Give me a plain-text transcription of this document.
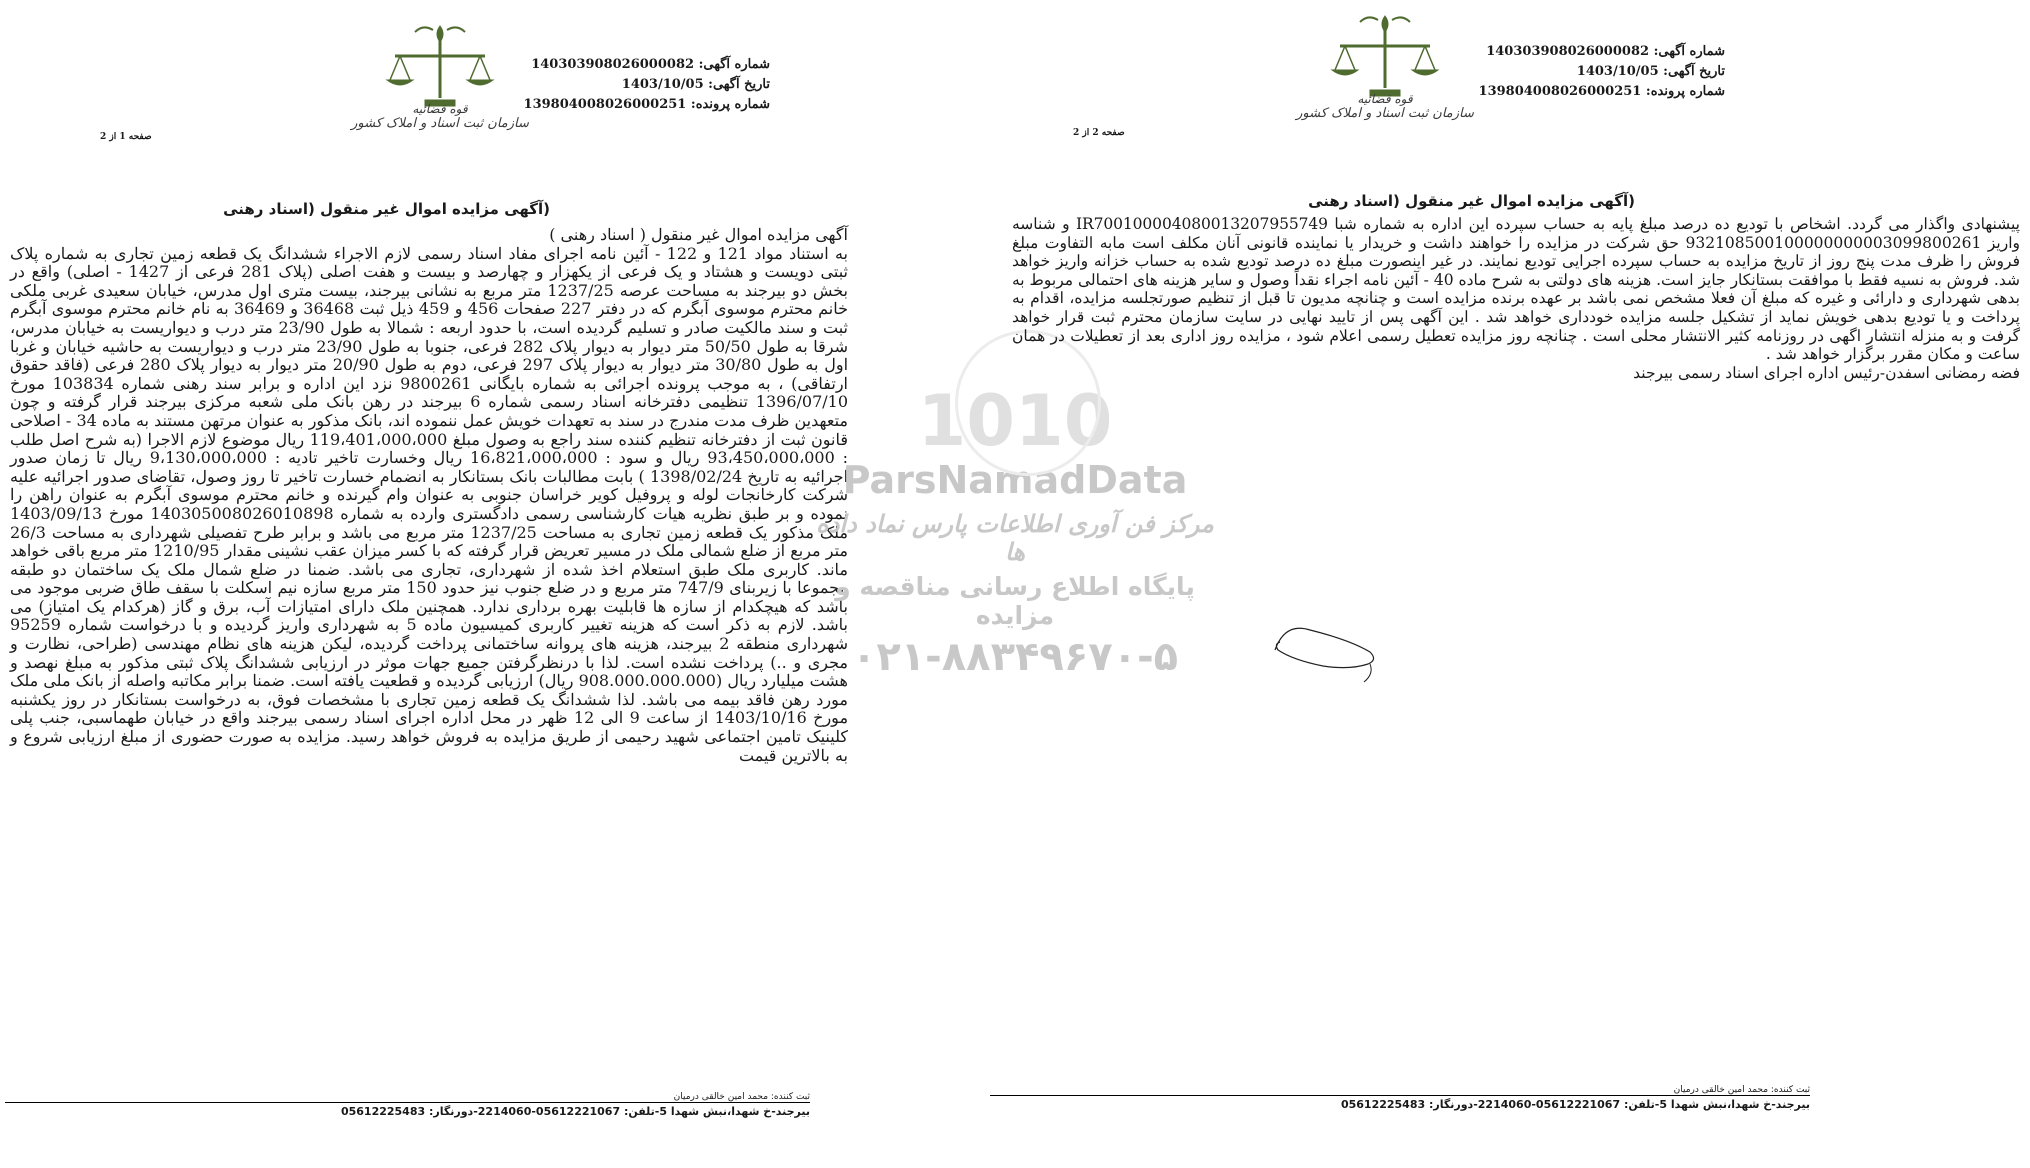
شماره آگهی: 140303908026000082
تاریخ آگهی: 1403/10/05
شماره پرونده: 139804008026000251
قوه قضائیه
سازمان ثبت اسناد و املاک کشور
صفحه 1 از 2
(آگهی مزایده اموال غیر منقول (اسناد رهنی

آگهی مزایده اموال غیر منقول ( اسناد رهنی )

به استناد مواد 121 و 122 - آئین نامه اجرای مفاد اسناد رسمی لازم الاجراء ششدانگ یک قطعه زمین تجاری به شماره پلاک ثبتی دویست و هشتاد و یک فرعی از یکهزار و چهارصد و بیست و هفت اصلی (پلاک 281 فرعی از 1427 - اصلی) واقع در بخش دو بیرجند به مساحت عرصه 1237/25 متر مربع به نشانی بیرجند، بیست متری اول مدرس، خیابان سعیدی غربی ملکی خانم محترم موسوی آبگرم که در دفتر 227 صفحات 456 و 459 ذیل ثبت 36468 و 36469 به نام خانم محترم موسوی آبگرم ثبت و سند مالکیت صادر و تسلیم گردیده است، با حدود اربعه : شمالا به طول 23/90 متر درب و دیواریست به خیابان مدرس، شرقا به طول 50/50 متر دیوار به دیوار پلاک 282 فرعی، جنوبا به طول 23/90 متر درب و دیواریست به حاشیه خیابان و غربا اول به طول 30/80 متر دیوار به دیوار پلاک 297 فرعی، دوم به طول 20/90 متر دیوار به دیوار پلاک 280 فرعی (فاقد حقوق ارتفاقی) ، به موجب پرونده اجرائی به شماره بایگانی 9800261 نزد این اداره و برابر سند رهنی شماره 103834 مورخ 1396/07/10 تنظیمی دفترخانه اسناد رسمی شماره 6 بیرجند در رهن بانک ملی شعبه مرکزی بیرجند قرار گرفته و چون متعهدین ظرف مدت مندرج در سند به تعهدات خویش عمل ننموده اند، بانک مذکور به عنوان مرتهن مستند به ماده 34 - اصلاحی قانون ثبت از دفترخانه تنظیم کننده سند راجع به وصول مبلغ 119،401،000،000 ریال موضوع لازم الاجرا (به شرح اصل طلب : 93،450،000،000 ریال و سود : 16،821،000،000 ریال وخسارت تاخیر تادیه : 9،130،000،000 ریال تا زمان صدور اجرائیه به تاریخ 1398/02/24 ) بابت مطالبات بانک بستانکار به انضمام خسارت تاخیر تا روز وصول، تقاضای صدور اجرائیه علیه شرکت کارخانجات لوله و پروفیل کویر خراسان جنوبی به عنوان وام گیرنده و خانم محترم موسوی آبگرم به عنوان راهن را نموده و بر طبق نظریه هیات کارشناسی رسمی دادگستری وارده به شماره 140305008026010898 مورخ 1403/09/13 ملک مذکور یک قطعه زمین تجاری به مساحت 1237/25 متر مربع می باشد و برابر طرح تفصیلی شهرداری به مساحت 26/3 متر مربع از ضلع شمالی ملک در مسیر تعریض قرار گرفته که با کسر میزان عقب نشینی مقدار 1210/95 متر مربع باقی خواهد ماند. کاربری ملک طبق استعلام اخذ شده از شهرداری، تجاری می باشد. ضمنا در ضلع شمال ملک یک ساختمان دو طبقه مجموعا با زیربنای 747/9 متر مربع و در ضلع جنوب نیز حدود 150 متر مربع سازه نیم اسکلت با سقف طاق ضربی موجود می باشد که هیچکدام از سازه ها قابلیت بهره برداری ندارد. همچنین ملک دارای امتیازات آب، برق و گاز (هرکدام یک امتیاز) می باشد. لازم به ذکر است که هزینه تغییر کاربری کمیسیون ماده 5 به شهرداری واریز گردیده و با درخواست شماره 95259 شهرداری منطقه 2 بیرجند، هزینه های پروانه ساختمانی پرداخت گردیده، لیکن هزینه های نظام مهندسی (طراحی، نظارت و مجری و ..) پرداخت نشده است. لذا با درنظرگرفتن جمیع جهات موثر در ارزیابی ششدانگ پلاک ثبتی مذکور به مبلغ نهصد و هشت میلیارد ریال (908.000.000.000 ریال) ارزیابی گردیده و قطعیت یافته است. ضمنا برابر مکاتبه واصله از بانک ملی ملک مورد رهن فاقد بیمه می باشد. لذا ششدانگ یک قطعه زمین تجاری با مشخصات فوق، به درخواست بستانکار در روز یکشنبه مورخ 1403/10/16 از ساعت 9 الی 12 ظهر در محل اداره اجرای اسناد رسمی بیرجند واقع در خیابان طهماسبی، جنب پلی کلینیک تامین اجتماعی شهید رحیمی از طریق مزایده به فروش خواهد رسید. مزایده به صورت حضوری از مبلغ ارزیابی شروع و به بالاترین قیمت

ثبت کننده: محمد امین خالقی درمیان
بیرجند-خ شهدا،نبش شهدا 5-تلفن: 05612221067-2214060-دورنگار: 05612225483
1010
ParsNamadData
مرکز فن آوری اطلاعات پارس نماد داده ها
پایگاه اطلاع رسانی مناقصه و مزایده
۰۲۱-۸۸۳۴۹۶۷۰-۵
شماره آگهی: 140303908026000082
تاریخ آگهی: 1403/10/05
شماره پرونده: 139804008026000251
قوه قضائیه
سازمان ثبت اسناد و املاک کشور
صفحه 2 از 2
(آگهی مزایده اموال غیر منقول (اسناد رهنی

پیشنهادی واگذار می گردد. اشخاص با تودیع ده درصد مبلغ پایه به حساب سپرده این اداره به شماره شبا IR700100004080013207955749 و شناسه واریز 932108500100000000003099800261 حق شرکت در مزایده را خواهند داشت و خریدار یا نماینده قانونی آنان مکلف است مابه التفاوت مبلغ فروش را ظرف مدت پنج روز از تاریخ مزایده به حساب سپرده اجرایی تودیع نمایند. در غیر اینصورت مبلغ ده درصد تودیع شده به حساب خزانه واریز خواهد شد. فروش به نسیه فقط با موافقت بستانکار جایز است. هزینه های دولتی به شرح ماده 40 - آئین نامه اجراء نقداً وصول و سایر هزینه های احتمالی مربوط به بدهی شهرداری و دارائی و غیره که مبلغ آن فعلا مشخص نمی باشد بر عهده برنده مزایده است و چنانچه مدیون تا قبل از تنظیم صورتجلسه مزایده، اقدام به پرداخت و یا تودیع بدهی خویش نماید از تشکیل جلسه مزایده خودداری خواهد شد . این آگهی پس از تایید نهایی در سایت سازمان محترم ثبت قرار خواهد گرفت و به منزله انتشار اگهی در روزنامه کثیر الانتشار محلی است . چنانچه روز مزایده تعطیل رسمی اعلام شود ، مزایده روز اداری بعد از تعطیلات در همان ساعت و مکان مقرر برگزار خواهد شد .

فضه رمضانی اسفدن-رئیس اداره اجرای اسناد رسمی بیرجند

ثبت کننده: محمد امین خالقی درمیان
بیرجند-خ شهدا،نبش شهدا 5-تلفن: 05612221067-2214060-دورنگار: 05612225483
